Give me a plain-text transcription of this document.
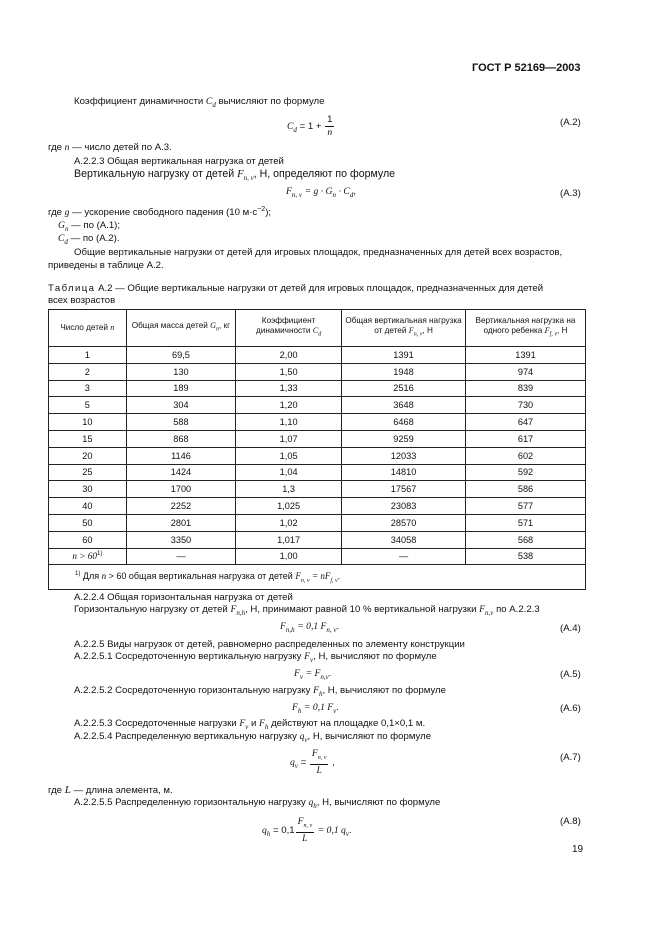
ГОСТ Р 52169—2003
Коэффициент динамичности $C_d$ вычисляют по формуле
$C_d = 1 + \frac{1}{n}$	(А.2)
где n — число детей по А.3.
А.2.2.3 Общая вертикальная нагрузка от детей
Вертикальную нагрузку от детей $F_{n, v}$, Н, определяют по формуле
$F_{n, v} = g \cdot G_n \cdot C_d$,	(А.3)
где g — ускорение свободного падения (10 $м\cdot с^{-2}$);
$G_n$ — по (А.1);
$C_d$ — по (А.2).
Общие вертикальные нагрузки от детей для игровых площадок, предназначенных для детей всех возрастов,
приведены в таблице А.2.
Таблица А.2 — Общие вертикальные нагрузки от детей для игровых площадок, предназначенных для детей
всех возрастов
Число детей n	Общая масса детей $G_n$, кг	Коэффициент динамичности $C_d$	Общая вертикальная нагрузка от детей $F_{n, v}$, Н	Вертикальная нагрузка на одного ребенка $F_{f, v}$, Н

1	69,5	2,00	1391	1391
2	130	1,50	1948	974
3	189	1,33	2516	839
5	304	1,20	3648	730
10	588	1,10	6468	647
15	868	1,07	9259	617
20	1146	1,05	12033	602
25	1424	1,04	14810	592
30	1700	1,3	17567	586
40	2252	1,025	23083	577
50	2801	1,02	28570	571
60	3350	1,017	34058	568
$n > 60^{1)}$	—	1,00	—	538
$^{1)}$ Для n > 60 общая вертикальная нагрузка от детей $F_{n, v} = nF_{f, v}$.				
А.2.2.4 Общая горизонтальная нагрузка от детей
Горизонтальную нагрузку от детей $F_{n,h}$, Н, принимают равной 10 % вертикальной нагрузки $F_{n,v}$ по А.2.2.3
$F_{n,h} = 0,1$ $F_{n, v}$.	(А.4)
А.2.2.5 Виды нагрузок от детей, равномерно распределенных по элементу конструкции
А.2.2.5.1 Сосредоточенную вертикальную нагрузку $F_v$, Н, вычисляют по формуле
$F_v = F_{n,v}$.	(А.5)
А.2.2.5.2 Сосредоточенную горизонтальную нагрузку $F_h$, Н, вычисляют по формуле
$F_h = 0,1$ $F_v$.	(А.6)
А.2.2.5.3 Сосредоточенные нагрузки $F_v$ и $F_h$ действуют на площадке 0,1×0,1 м.
А.2.2.5.4 Распределенную вертикальную нагрузку $q_v$, Н, вычисляют по формуле
$q_v = \frac{F_{n, v}}{L}$ ,	(А.7)
где L — длина элемента, м.
А.2.2.5.5 Распределенную горизонтальную нагрузку $q_h$, Н, вычисляют по формуле
$q_h = 0,1 \frac{F_{n, v}}{L} = 0,1$ $q_v$.
(А.8)
19
